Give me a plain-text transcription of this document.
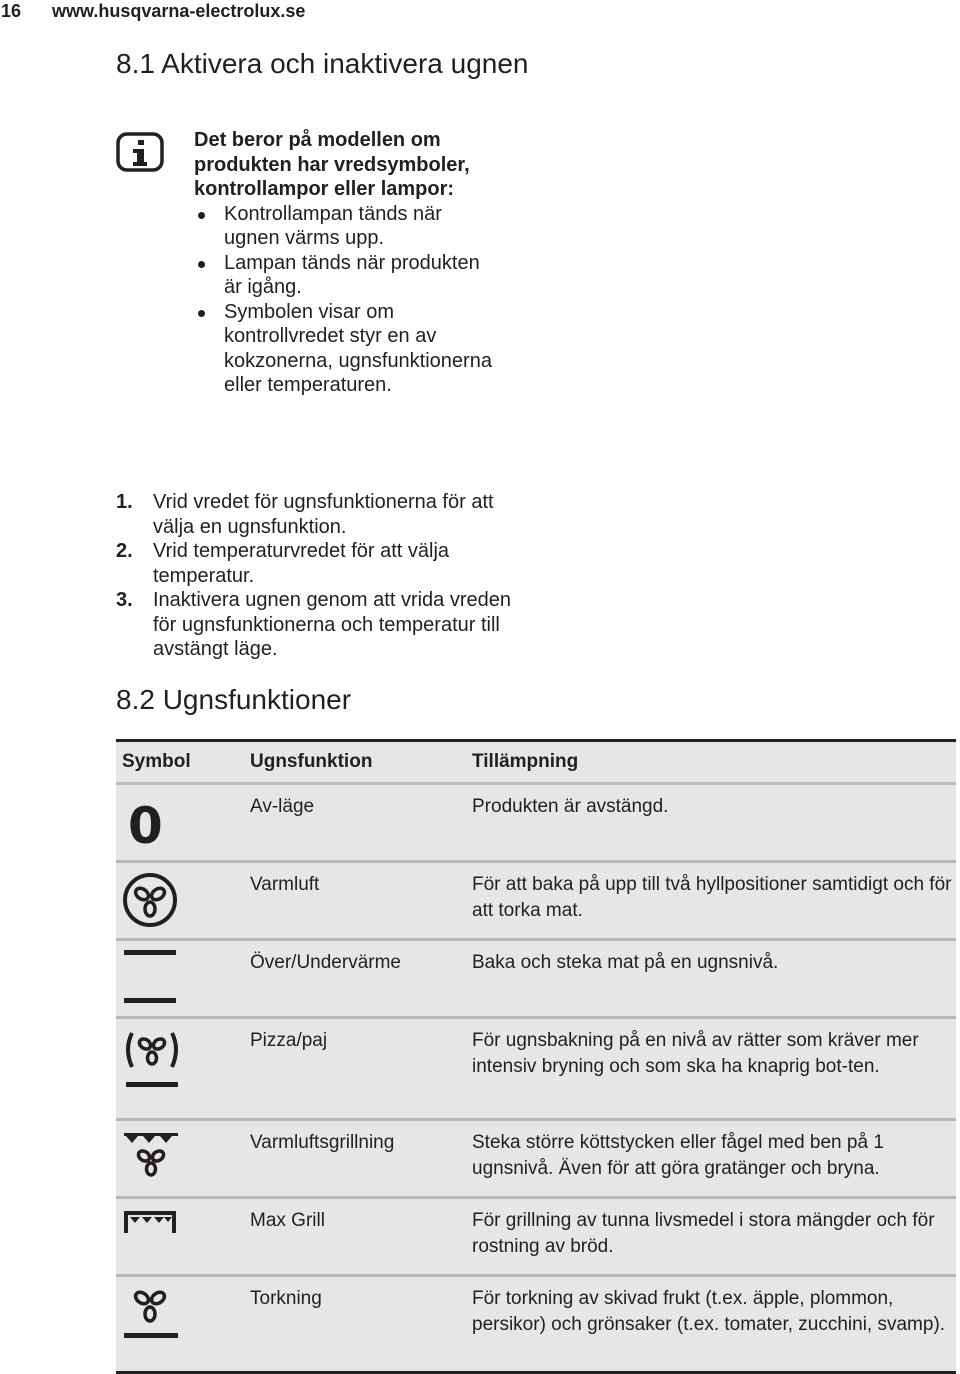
16	www.husqvarna-electrolux.se
8.1 Aktivera och inaktivera ugnen
Det beror på modellen om produkten har vredsymboler, kontrollampor eller lampor:
Kontrollampan tänds när ugnen värms upp.
Lampan tänds när produkten är igång.
Symbolen visar om kontrollvredet styr en av kokzonerna, ugnsfunktionerna eller temperaturen.
1. Vrid vredet för ugnsfunktionerna för att välja en ugnsfunktion.
2. Vrid temperaturvredet för att välja temperatur.
3. Inaktivera ugnen genom att vrida vreden för ugnsfunktionerna och temperatur till avstängt läge.
8.2 Ugnsfunktioner
Symbol	Ugnsfunktion	Tillämpning
0	Av-läge	Produkten är avstängd.
Varmluft	För att baka på upp till två hyllpositioner samtidigt och för att torka mat.
Över/Undervärme	Baka och steka mat på en ugnsnivå.
Pizza/paj	För ugnsbakning på en nivå av rätter som kräver mer intensiv bryning och som ska ha knaprig bot-ten.
Varmluftsgrillning	Steka större köttstycken eller fågel med ben på 1 ugnsnivå. Även för att göra gratänger och bryna.
Max Grill	För grillning av tunna livsmedel i stora mängder och för rostning av bröd.
Torkning	För torkning av skivad frukt (t.ex. äpple, plommon, persikor) och grönsaker (t.ex. tomater, zucchini, svamp).
